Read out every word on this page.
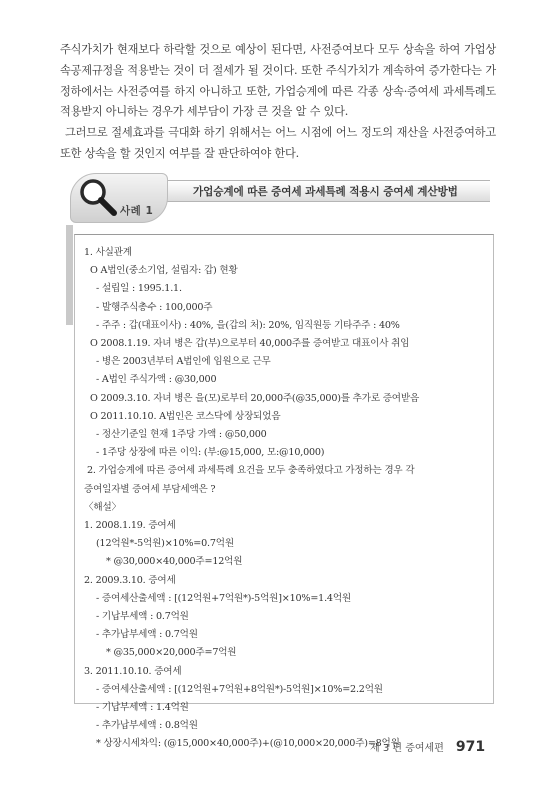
주식가치가 현재보다 하락할 것으로 예상이 된다면, 사전증여보다 모두 상속을 하여 가업상속공제규정을 적용받는 것이 더 절세가 될 것이다. 또한 주식가치가 계속하여 증가한다는 가정하에서는 사전증여를 하지 아니하고 또한, 가업승계에 따른 각종 상속·증여세 과세특례도 적용받지 아니하는 경우가 세부담이 가장 큰 것을 알 수 있다.

그러므로 절세효과를 극대화 하기 위해서는 어느 시점에 어느 정도의 재산을 사전증여하고 또한 상속을 할 것인지 여부를 잘 판단하여야 한다.

가업승계에 따른 증여세 과세특례 적용시 증여세 계산방법
사례 1
1. 사실관계
O A법인(중소기업, 설립자: 갑) 현황
- 설립일 : 1995.1.1.
- 발행주식총수 : 100,000주
- 주주 : 갑(대표이사) : 40%, 을(갑의 처): 20%, 임직원등 기타주주 : 40%
O 2008.1.19. 자녀 병은 갑(부)으로부터 40,000주를 증여받고 대표이사 취임
- 병은 2003년부터 A법인에 임원으로 근무
- A법인 주식가액 : @30,000
O 2009.3.10. 자녀 병은 을(모)로부터 20,000주(@35,000)를 추가로 증여받음
O 2011.10.10. A법인은 코스닥에 상장되었음
- 정산기준일 현재 1주당 가액 : @50,000
- 1주당 상장에 따른 이익: (부:@15,000, 모:@10,000)
2. 가업승계에 따른 증여세 과세특례 요건을 모두 충족하였다고 가정하는 경우 각
증여일자별 증여세 부담세액은 ?
〈해설〉
1. 2008.1.19. 증여세
(12억원*-5억원)×10%=0.7억원
* @30,000×40,000주=12억원
2. 2009.3.10. 증여세
- 증여세산출세액 : [(12억원+7억원*)-5억원]×10%=1.4억원
- 기납부세액 : 0.7억원
- 추가납부세액 : 0.7억원
* @35,000×20,000주=7억원
3. 2011.10.10. 증여세
- 증여세산출세액 : [(12억원+7억원+8억원*)-5억원]×10%=2.2억원
- 기납부세액 : 1.4억원
- 추가납부세액 : 0.8억원
* 상장시세차익: (@15,000×40,000주)+(@10,000×20,000주)=8억원
제 3 편 증여세편 971
